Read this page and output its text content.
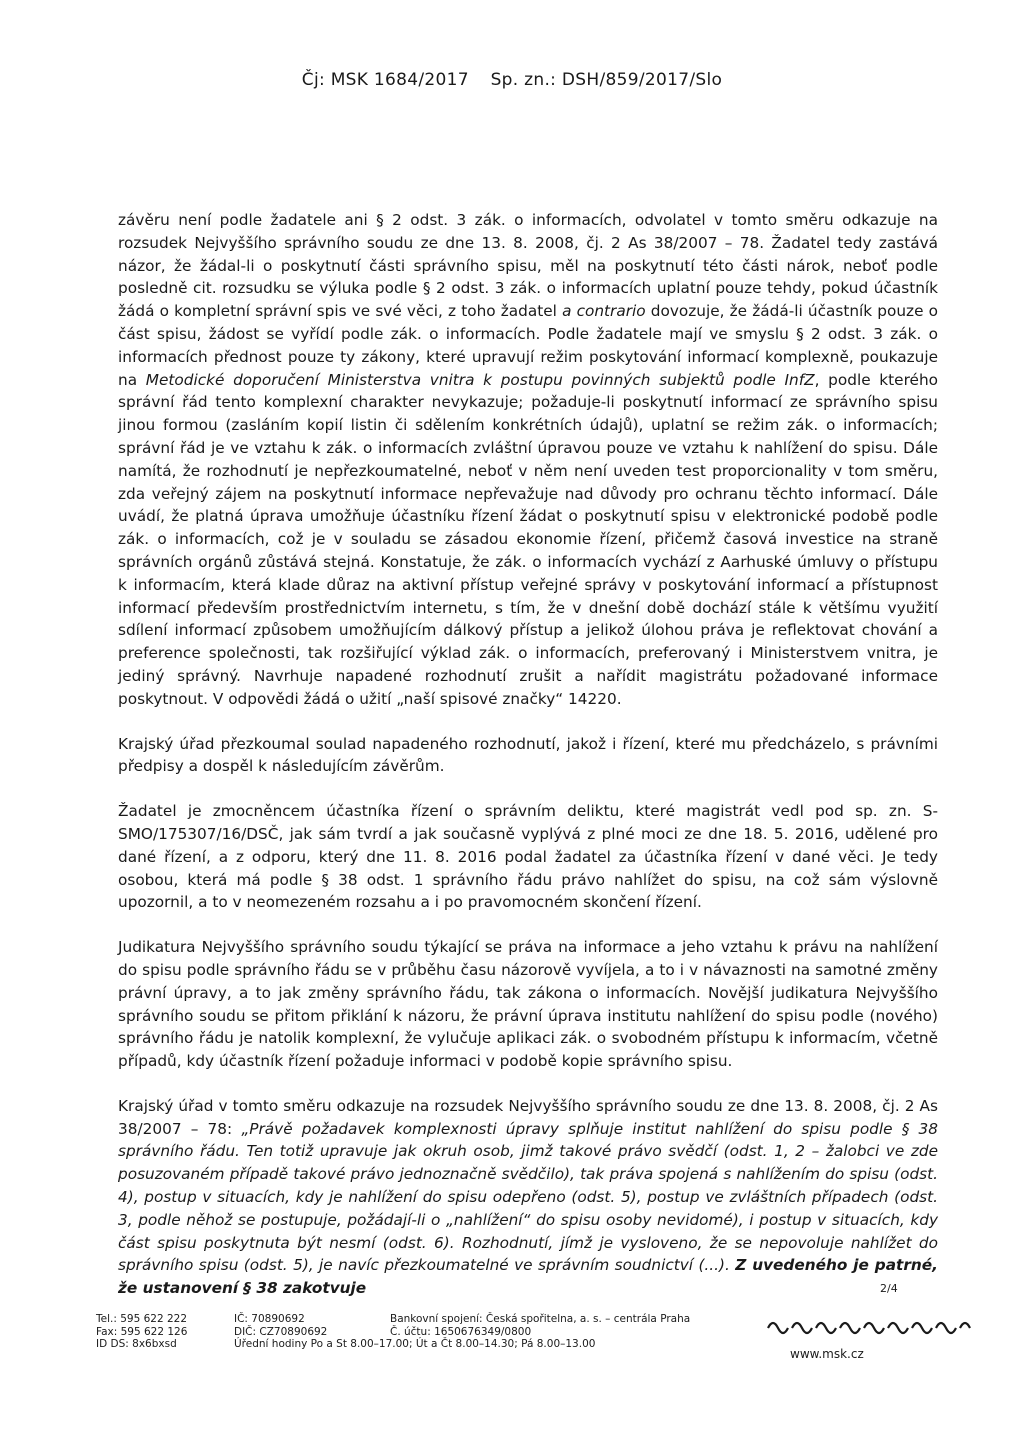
Čj: MSK 1684/2017 Sp. zn.: DSH/859/2017/Slo

závěru není podle žadatele ani § 2 odst. 3 zák. o informacích, odvolatel v tomto směru odkazuje na rozsudek Nejvyššího správního soudu ze dne 13. 8. 2008, čj. 2 As 38/2007 – 78. Žadatel tedy zastává názor, že žádal-li o poskytnutí části správního spisu, měl na poskytnutí této části nárok, neboť podle posledně cit. rozsudku se výluka podle § 2 odst. 3 zák. o informacích uplatní pouze tehdy, pokud účastník žádá o kompletní správní spis ve své věci, z toho žadatel a contrario dovozuje, že žádá-li účastník pouze o část spisu, žádost se vyřídí podle zák. o informacích. Podle žadatele mají ve smyslu § 2 odst. 3 zák. o informacích přednost pouze ty zákony, které upravují režim poskytování informací komplexně, poukazuje na Metodické doporučení Ministerstva vnitra k postupu povinných subjektů podle InfZ, podle kterého správní řád tento komplexní charakter nevykazuje; požaduje-li poskytnutí informací ze správního spisu jinou formou (zasláním kopií listin či sdělením konkrétních údajů), uplatní se režim zák. o informacích; správní řád je ve vztahu k zák. o informacích zvláštní úpravou pouze ve vztahu k nahlížení do spisu. Dále namítá, že rozhodnutí je nepřezkoumatelné, neboť v něm není uveden test proporcionality v tom směru, zda veřejný zájem na poskytnutí informace nepřevažuje nad důvody pro ochranu těchto informací. Dále uvádí, že platná úprava umožňuje účastníku řízení žádat o poskytnutí spisu v elektronické podobě podle zák. o informacích, což je v souladu se zásadou ekonomie řízení, přičemž časová investice na straně správních orgánů zůstává stejná. Konstatuje, že zák. o informacích vychází z Aarhuské úmluvy o přístupu k informacím, která klade důraz na aktivní přístup veřejné správy v poskytování informací a přístupnost informací především prostřednictvím internetu, s tím, že v dnešní době dochází stále k většímu využití sdílení informací způsobem umožňujícím dálkový přístup a jelikož úlohou práva je reflektovat chování a preference společnosti, tak rozšiřující výklad zák. o informacích, preferovaný i Ministerstvem vnitra, je jediný správný. Navrhuje napadené rozhodnutí zrušit a nařídit magistrátu požadované informace poskytnout. V odpovědi žádá o užití „naší spisové značky“ 14220.

Krajský úřad přezkoumal soulad napadeného rozhodnutí, jakož i řízení, které mu předcházelo, s právními předpisy a dospěl k následujícím závěrům.

Žadatel je zmocněncem účastníka řízení o správním deliktu, které magistrát vedl pod sp. zn. S-SMO/175307/16/DSČ, jak sám tvrdí a jak současně vyplývá z plné moci ze dne 18. 5. 2016, udělené pro dané řízení, a z odporu, který dne 11. 8. 2016 podal žadatel za účastníka řízení v dané věci. Je tedy osobou, která má podle § 38 odst. 1 správního řádu právo nahlížet do spisu, na což sám výslovně upozornil, a to v neomezeném rozsahu a i po pravomocném skončení řízení.

Judikatura Nejvyššího správního soudu týkající se práva na informace a jeho vztahu k právu na nahlížení do spisu podle správního řádu se v průběhu času názorově vyvíjela, a to i v návaznosti na samotné změny právní úpravy, a to jak změny správního řádu, tak zákona o informacích. Novější judikatura Nejvyššího správního soudu se přitom přiklání k názoru, že právní úprava institutu nahlížení do spisu podle (nového) správního řádu je natolik komplexní, že vylučuje aplikaci zák. o svobodném přístupu k informacím, včetně případů, kdy účastník řízení požaduje informaci v podobě kopie správního spisu.

Krajský úřad v tomto směru odkazuje na rozsudek Nejvyššího správního soudu ze dne 13. 8. 2008, čj. 2 As 38/2007 – 78: „Právě požadavek komplexnosti úpravy splňuje institut nahlížení do spisu podle § 38 správního řádu. Ten totiž upravuje jak okruh osob, jimž takové právo svědčí (odst. 1, 2 – žalobci ve zde posuzovaném případě takové právo jednoznačně svědčilo), tak práva spojená s nahlížením do spisu (odst. 4), postup v situacích, kdy je nahlížení do spisu odepřeno (odst. 5), postup ve zvláštních případech (odst. 3, podle něhož se postupuje, požádají-li o „nahlížení“ do spisu osoby nevidomé), i postup v situacích, kdy část spisu poskytnuta být nesmí (odst. 6). Rozhodnutí, jímž je vysloveno, že se nepovoluje nahlížet do správního spisu (odst. 5), je navíc přezkoumatelné ve správním soudnictví (...). Z uvedeného je patrné, že ustanovení § 38 zakotvuje	2/4
Tel.: 595 622 222
Fax: 595 622 126
ID DS: 8x6bxsd
IČ: 70890692
DIČ: CZ70890692
Úřední hodiny Po a St 8.00–17.00; Út a Čt 8.00–14.30; Pá 8.00–13.00
Bankovní spojení: Česká spořitelna, a. s. – centrála Praha
Č. účtu: 1650676349/0800
www.msk.cz
